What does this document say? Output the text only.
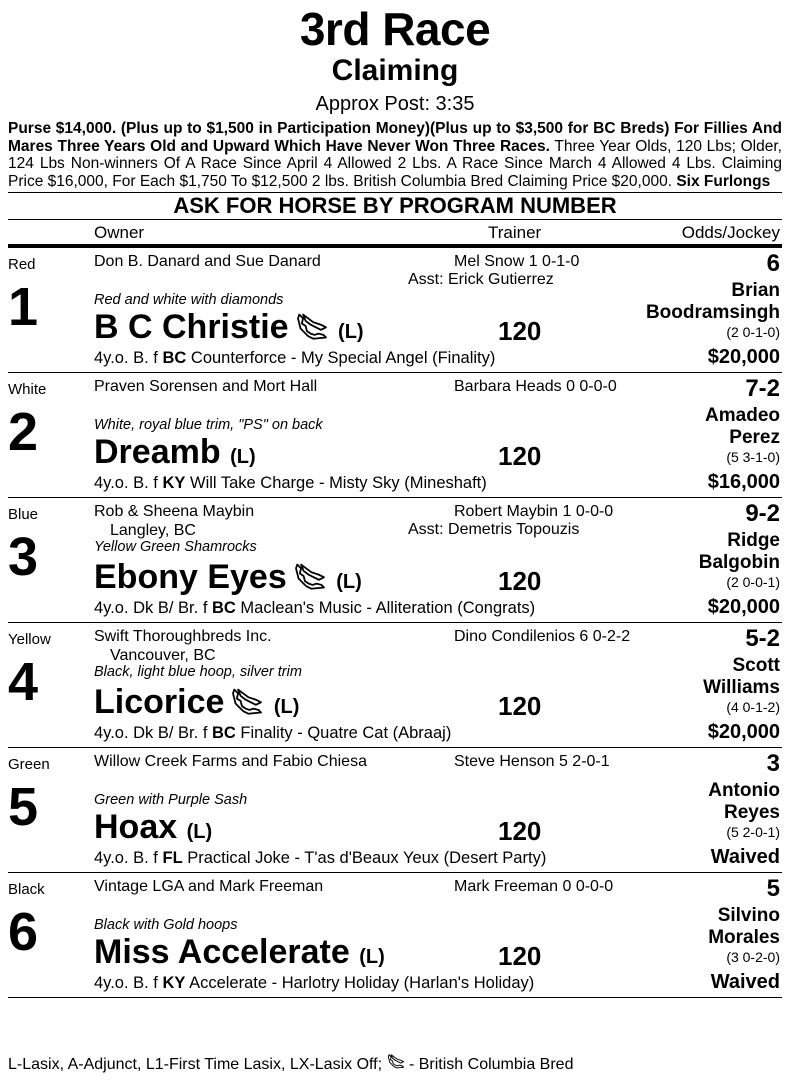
3rd Race
Claiming
Approx Post: 3:35
Purse $14,000. (Plus up to $1,500 in Participation Money)(Plus up to $3,500 for BC Breds) For Fillies And Mares Three Years Old and Upward Which Have Never Won Three Races. Three Year Olds, 120 Lbs; Older, 124 Lbs Non-winners Of A Race Since April 4 Allowed 2 Lbs. A Race Since March 4 Allowed 4 Lbs. Claiming Price $16,000, For Each $1,750 To $12,500 2 lbs. British Columbia Bred Claiming Price $20,000. Six Furlongs
ASK FOR HORSE BY PROGRAM NUMBER
Owner	Trainer	Odds/Jockey
Red
1
Don B. Danard and Sue Danard
Red and white with diamonds
B C Christie (L)
4y.o. B. f BC Counterforce - My Special Angel (Finality)
Mel Snow 1 0-1-0
Asst: Erick Gutierrez
120
6
Brian
Boodramsingh
(2 0-1-0)
$20,000
White
2
Praven Sorensen and Mort Hall
White, royal blue trim, "PS" on back
Dreamb (L)
4y.o. B. f KY Will Take Charge - Misty Sky (Mineshaft)
Barbara Heads 0 0-0-0
120
7-2
Amadeo
Perez
(5 3-1-0)
$16,000
Blue
3
Rob & Sheena Maybin
Langley, BC
Yellow Green Shamrocks
Ebony Eyes (L)
4y.o. Dk B/ Br. f BC Maclean's Music - Alliteration (Congrats)
Robert Maybin 1 0-0-0
Asst: Demetris Topouzis
120
9-2
Ridge
Balgobin
(2 0-0-1)
$20,000
Yellow
4
Swift Thoroughbreds Inc.
Vancouver, BC
Black, light blue hoop, silver trim
Licorice (L)
4y.o. Dk B/ Br. f BC Finality - Quatre Cat (Abraaj)
Dino Condilenios 6 0-2-2
120
5-2
Scott
Williams
(4 0-1-2)
$20,000
Green
5
Willow Creek Farms and Fabio Chiesa
Green with Purple Sash
Hoax (L)
4y.o. B. f FL Practical Joke - T'as d'Beaux Yeux (Desert Party)
Steve Henson 5 2-0-1
120
3
Antonio
Reyes
(5 2-0-1)
Waived
Black
6
Vintage LGA and Mark Freeman
Black with Gold hoops
Miss Accelerate (L)
4y.o. B. f KY Accelerate - Harlotry Holiday (Harlan's Holiday)
Mark Freeman 0 0-0-0
120
5
Silvino
Morales
(3 0-2-0)
Waived
L-Lasix, A-Adjunct, L1-First Time Lasix, LX-Lasix Off;  - British Columbia Bred
